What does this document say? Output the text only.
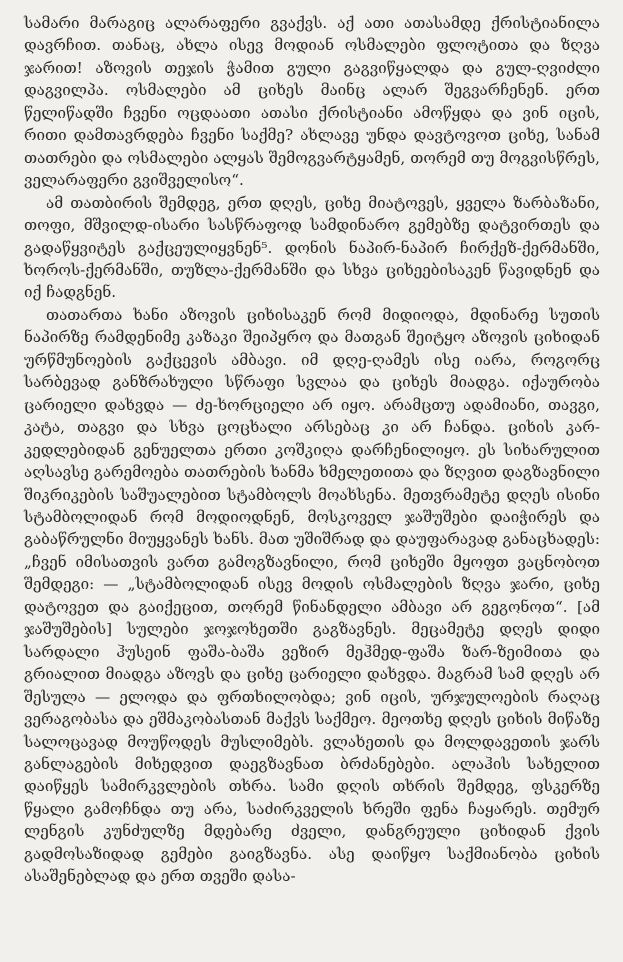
სამარი მარაგიც ალარაფერი გვაქვს. აქ ათი ათასამდე ქრისტიანილა დავრჩით. თანაც, ახლა ისევ მოდიან ოსმალები ფლოტითა და ზღვა ჯარით! აზოვის თეჯის ჭამით გული გაგვიწყალდა და გულ-ღვიძლი დაგვილპა. ოსმალები ამ ციხეს მაინც ალარ შეგვარჩენენ. ერთ წელიწადში ჩვენი ოცდაათი ათასი ქრისტიანი ამოწყდა და ვინ იცის, რითი დამთავრდება ჩვენი საქმე? ახლავე უნდა დავტოვოთ ციხე, სანამ თათრები და ოსმალები ალყას შემოგვარტყამენ, თორემ თუ მოგვისწრეს, ველარაფერი გვიშველისო“.

ამ თათბირის შემდეგ, ერთ დღეს, ციხე მიატოვეს, ყველა ზარბაზანი, თოფი, მშვილდ-ისარი სასწრაფოდ სამდინარო გემებზე დატვირთეს და გადაწყვიტეს გაქცეულიყვნენ⁵. დონის ნაპირ-ნაპირ ჩირქეზ-ქერმანში, ხოროს-ქერმანში, თუზლა-ქერმანში და სხვა ციხეებისაკენ წავიდნენ და იქ ჩადგნენ.

თათართა ხანი აზოვის ციხისაკენ რომ მიდიოდა, მდინარე სუთის ნაპირზე რამდენიმე კაზაკი შეიპყრო და მათგან შეიტყო აზოვის ციხიდან ურწმუნოების გაქცევის ამბავი. იმ დღე-ღამეს ისე იარა, როგორც სარბევად განზრახული სწრაფი სვლაა და ციხეს მიადგა. იქაურობა ცარიელი დახვდა — ძე-ხორციელი არ იყო. არამცთუ ადამიანი, თავგი, კატა, თაგვი და სხვა ცოცხალი არსებაც კი არ ჩანდა. ციხის კარ-კედლებიდან გენუელთა ერთი კოშკიღა დარჩენილიყო. ეს სიხარულით აღსავსე გარემოება თათრების ხანმა ხმელეთითა და ზღვით დაგზავნილი შიკრიკების საშუალებით სტამბოლს მოახსენა. მეთვრამეტე დღეს ისინი სტამბოლიდან რომ მოდიოდნენ, მოსკოველ ჯაშუშები დაიჭირეს და გაბაწრულნი მიუყვანეს ხანს. მათ უშიშრად და დაუფარავად განაცხადეს: „ჩვენ იმისათვის ვართ გამოგზავნილი, რომ ციხეში მყოფთ ვაცნობოთ შემდეგი: — „სტამბოლიდან ისევ მოდის ოსმალების ზღვა ჯარი, ციხე დატოვეთ და გაიქეცით, თორემ წინანდელი ამბავი არ გეგონოთ“. [ამ ჯაშუშების] სულები ჯოჯოხეთში გაგზავნეს. მეცამეტე დღეს დიდი სარდალი ჰუსეინ ფაშა-ბაშა ვეზირ მეჰმედ-ფაშა ზარ-ზეიმითა და გრიალით მიადგა აზოვს და ციხე ცარიელი დახვდა. მაგრამ სამ დღეს არ შესულა — ელოდა და ფრთხილობდა; ვინ იცის, ურჯულოების რაღაც ვერაგობასა და ეშმაკობასთან მაქვს საქმეო. მეოთხე დღეს ციხის მიწაზე სალოცავად მოუწოდეს მუსლიმებს. ვლახეთის და მოლდავეთის ჯარს განლაგების მიხედვით დაეგზავნათ ბრძანებები. ალაჰის სახელით დაიწყეს სამირკვლების თხრა. სამი დღის თხრის შემდეგ, ფსკერზე წყალი გამოჩნდა თუ არა, საძირკველის ხრეში ფენა ჩაყარეს. თემურ ლენგის კუნძულზე მდებარე ძველი, დანგრეული ციხიდან ქვის გადმოსაზიდად გემები გაიგზავნა. ასე დაიწყო საქმიანობა ციხის ასაშენებლად და ერთ თვეში დასა-
